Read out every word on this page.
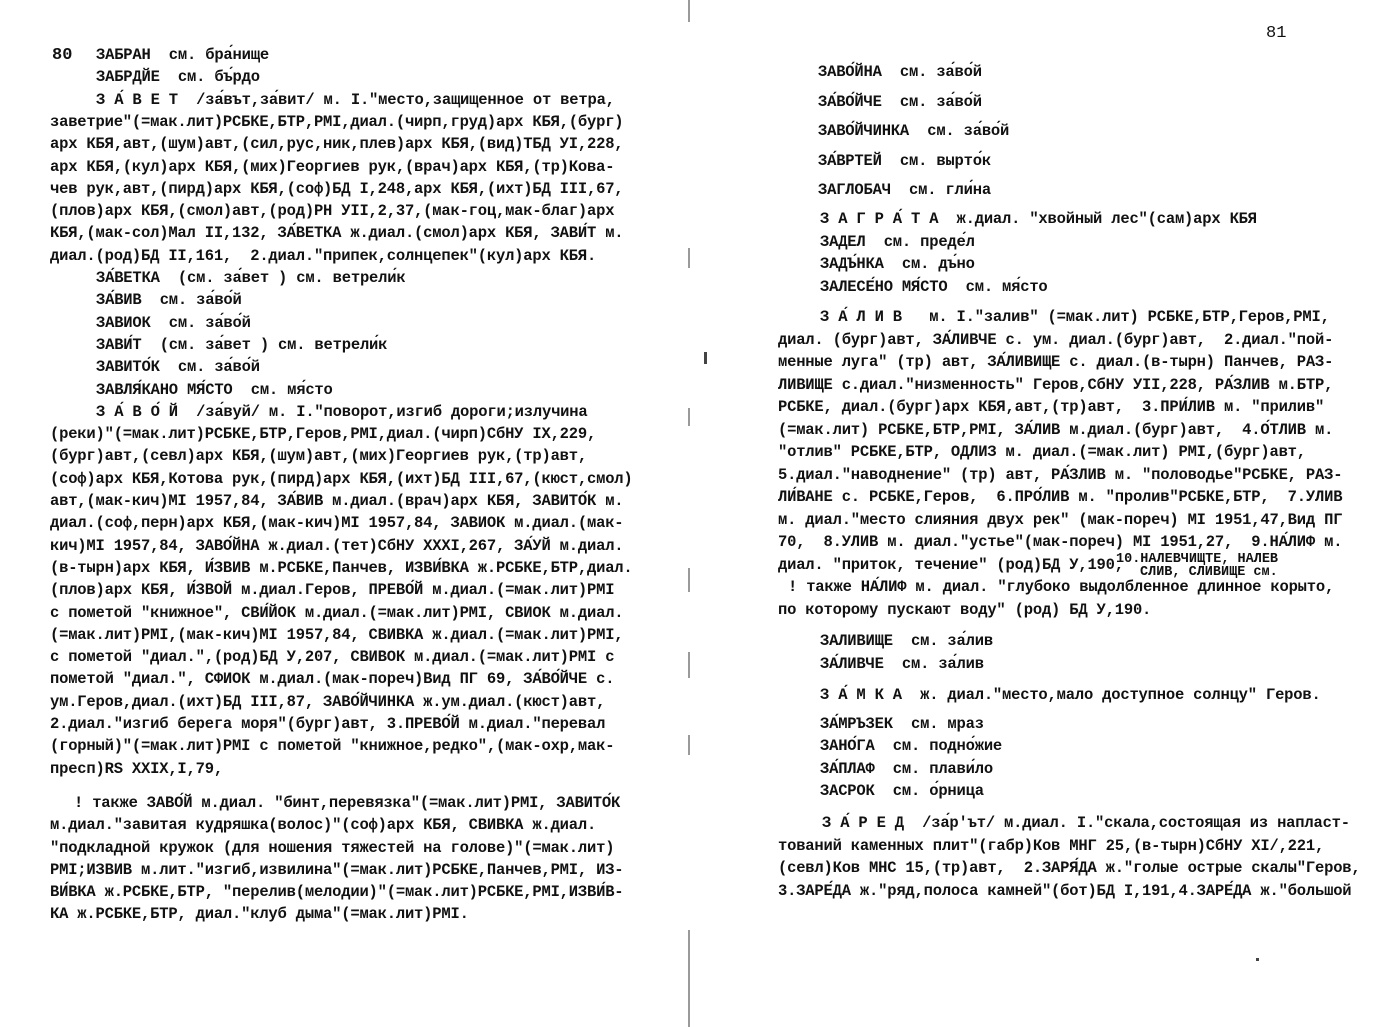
80 ЗАБРАН  см. бра́нище
ЗАБРДЙЕ  см. бъ́рдо
З А́ В Е Т  /за́вът,за́вит/ м. I."место,защищенное от ветра,
заветрие"(=мак.лит)РСБКЕ,БТР,РМI,диал.(чирп,груд)арх КБЯ,(бург)
арх КБЯ,авт,(шум)авт,(сил,рус,ник,плев)арх КБЯ,(вид)ТБД УI,228,
арх КБЯ,(кул)арх КБЯ,(мих)Георгиев рук,(врач)арх КБЯ,(тр)Кова-
чев рук,авт,(пирд)арх КБЯ,(соф)БД I,248,арх КБЯ,(ихт)БД III,67,
(плов)арх КБЯ,(смол)авт,(род)РН УII,2,37,(мак-гоц,мак-благ)арх
КБЯ,(мак-сол)Мал II,132, ЗА́ВЕТКА ж.диал.(смол)арх КБЯ, ЗАВИ́Т м.
диал.(род)БД II,161,  2.диал."припек,солнцепек"(кул)арх КБЯ.
ЗА́ВЕТКА  (см. за́вет ) см. ветрели́к
ЗА́ВИВ  см. за́во́й
ЗАВИОК  см. за́во́й
ЗАВИ́Т  (см. за́вет ) см. ветрели́к
ЗАВИТО́К  см. за́во́й
ЗАВЛЯ́КАНО МЯ́СТО  см. мя́сто
З А́ В О́ Й  /за́вуй/ м. I."поворот,изгиб дороги;излучина
(реки)"(=мак.лит)РСБКЕ,БТР,Геров,РМI,диал.(чирп)СбНУ IX,229,
(бург)авт,(севл)арх КБЯ,(шум)авт,(мих)Георгиев рук,(тр)авт,
(соф)арх КБЯ,Котова рук,(пирд)арх КБЯ,(ихт)БД III,67,(кюст,смол)
авт,(мак-кич)МI 1957,84, ЗА́ВИВ м.диал.(врач)арх КБЯ, ЗАВИТО́К м.
диал.(соф,перн)арх КБЯ,(мак-кич)МI 1957,84, ЗАВИОК м.диал.(мак-
кич)МI 1957,84, ЗАВО́ЙНА ж.диал.(тет)СбНУ XXXI,267, ЗА́УЙ м.диал.
(в-тырн)арх КБЯ, И́ЗВИВ м.РСБКЕ,Панчев, ИЗВИ́ВКА ж.РСБКЕ,БТР,диал.
(плов)арх КБЯ, И́ЗВОЙ м.диал.Геров, ПРЕВО́Й м.диал.(=мак.лит)РМI
с пометой "книжное", СВИ́ЙОК м.диал.(=мак.лит)РМI, СВИОК м.диал.
(=мак.лит)РМI,(мак-кич)МI 1957,84, СВИВКА ж.диал.(=мак.лит)РМI,
с пометой "диал.",(род)БД У,207, СВИВОК м.диал.(=мак.лит)РМI с
пометой "диал.", СФИОК м.диал.(мак-пореч)Вид ПГ 69, ЗА́ВО́ЙЧЕ с.
ум.Геров,диал.(ихт)БД III,87, ЗАВО́ЙЧИНКА ж.ум.диал.(кюст)авт,
2.диал."изгиб берега моря"(бург)авт, 3.ПРЕВО́Й м.диал."перевал
(горный)"(=мак.лит)РМI с пометой "книжное,редко",(мак-охр,мак-
пресп)RS XXIX,I,79,
! также ЗАВО́Й м.диал. "бинт,перевязка"(=мак.лит)РМI, ЗАВИТО́К
м.диал."завитая кудряшка(волос)"(соф)арх КБЯ, СВИВКА ж.диал.
"подкладной кружок (для ношения тяжестей на голове)"(=мак.лит)
РМI;ИЗВИВ м.лит."изгиб,извилина"(=мак.лит)РСБКЕ,Панчев,РМI, ИЗ-
ВИ́ВКА ж.РСБКЕ,БТР, "перелив(мелодии)"(=мак.лит)РСБКЕ,РМI,ИЗВИ́В-
КА ж.РСБКЕ,БТР, диал."клуб дыма"(=мак.лит)РМI.
81
ЗАВО́ЙНА  см. за́во́й
ЗА́ВО́ЙЧЕ  см. за́во́й
ЗАВО́ЙЧИНКА  см. за́во́й
ЗА́ВРТЕЙ  см. вырто́к
ЗАГЛОБАЧ  см. гли́на
З А Г Р А́ Т А  ж.диал. "хвойный лес"(сам)арх КБЯ
ЗАДЕЛ  см. преде́л
ЗАДЪ́НКА  см. дъ́но
ЗАЛЕСЕ́НО МЯ́СТО  см. мя́сто
З А́ Л И В   м. I."залив" (=мак.лит) РСБКЕ,БТР,Геров,РМI,
диал. (бург)авт, ЗА́ЛИВЧЕ с. ум. диал.(бург)авт,  2.диал."пой-
менные луга" (тр) авт, ЗА́ЛИВИЩЕ с. диал.(в-тырн) Панчев, РАЗ-
ЛИВИЩЕ с.диал."низменность" Геров,СбНУ УII,228, РА́ЗЛИВ м.БТР,
РСБКЕ, диал.(бург)арх КБЯ,авт,(тр)авт,  3.ПРИ́ЛИВ м. "прилив"
(=мак.лит) РСБКЕ,БТР,РМI, ЗА́ЛИВ м.диал.(бург)авт,  4.О́ТЛИВ м.
"отлив" РСБКЕ,БТР, ОДЛИЗ м. диал.(=мак.лит) РМI,(бург)авт,
5.диал."наводнение" (тр) авт, РА́ЗЛИВ м. "половодье"РСБКЕ, РАЗ-
ЛИ́ВАНЕ с. РСБКЕ,Геров,  6.ПРО́ЛИВ м. "пролив"РСБКЕ,БТР,  7.УЛИВ
м. диал."место слияния двух рек" (мак-пореч) МI 1951,47,Вид ПГ
70,  8.УЛИВ м. диал."устье"(мак-пореч) МI 1951,27,  9.НА́ЛИФ м.
диал. "приток, течение" (род)БД У,190,
! также НА́ЛИФ м. диал. "глубоко выдолбленное длинное корыто,
по которому пускают воду" (род) БД У,190.
10.НАЛЕВЧИЩТЕ, НАЛЕВ
СЛИВ, СЛИВИЩЕ см.
ЗАЛИВИЩЕ  см. за́лив
ЗА́ЛИВЧЕ  см. за́лив
З А́ М К А  ж. диал."место,мало доступное солнцу" Геров.
ЗА́МРЪЗЕК  см. мраз
ЗАНО́ГА  см. подно́жие
ЗА́ПЛАФ  см. плави́ло
ЗАСРОК  см. о́рница
З А́ Р Е Д  /за́р'ът/ м.диал. I."скала,состоящая из напласт-
тований каменных плит"(габр)Ков МНГ 25,(в-тырн)СбНУ XI/,221,
(севл)Ков МНС 15,(тр)авт,  2.ЗАРЯ́ДА ж."голые острые скалы"Геров,
3.ЗАРЕ́ДА ж."ряд,полоса камней"(бот)БД I,191,4.ЗАРЕ́ДА ж."большой
